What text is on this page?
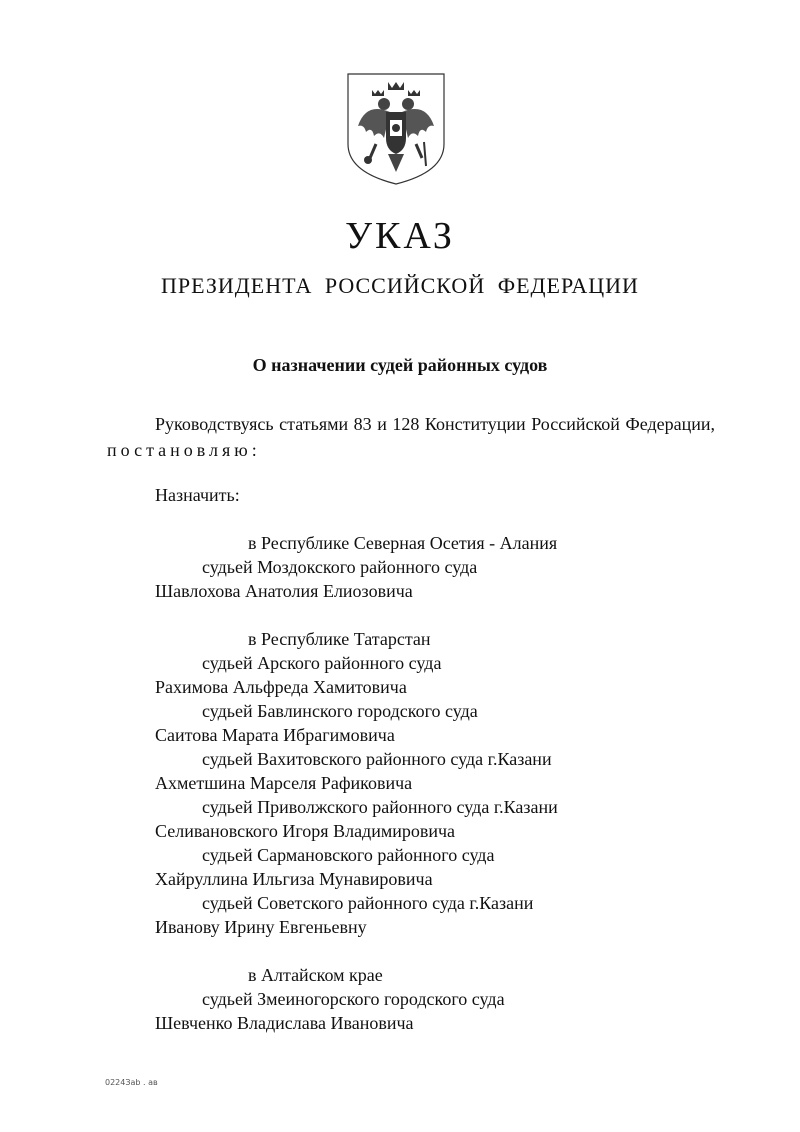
УКАЗ
ПРЕЗИДЕНТА РОССИЙСКОЙ ФЕДЕРАЦИИ
О назначении судей районных судов
Руководствуясь статьями 83 и 128 Конституции Российской Федерации, постановляю:
Назначить:
в Республике Северная Осетия - Алания
судьей Моздокского районного суда
Шавлохова Анатолия Елиозовича
в Республике Татарстан
судьей Арского районного суда
Рахимова Альфреда Хамитовича
судьей Бавлинского городского суда
Саитова Марата Ибрагимовича
судьей Вахитовского районного суда г.Казани
Ахметшина Марселя Рафиковича
судьей Приволжского районного суда г.Казани
Селивановского Игоря Владимировича
судьей Сармановского районного суда
Хайруллина Ильгиза Мунавировича
судьей Советского районного суда г.Казани
Иванову Ирину Евгеньевну
в Алтайском крае
судьей Змеиногорского городского суда
Шевченко Владислава Ивановича
0224Зab . ав
